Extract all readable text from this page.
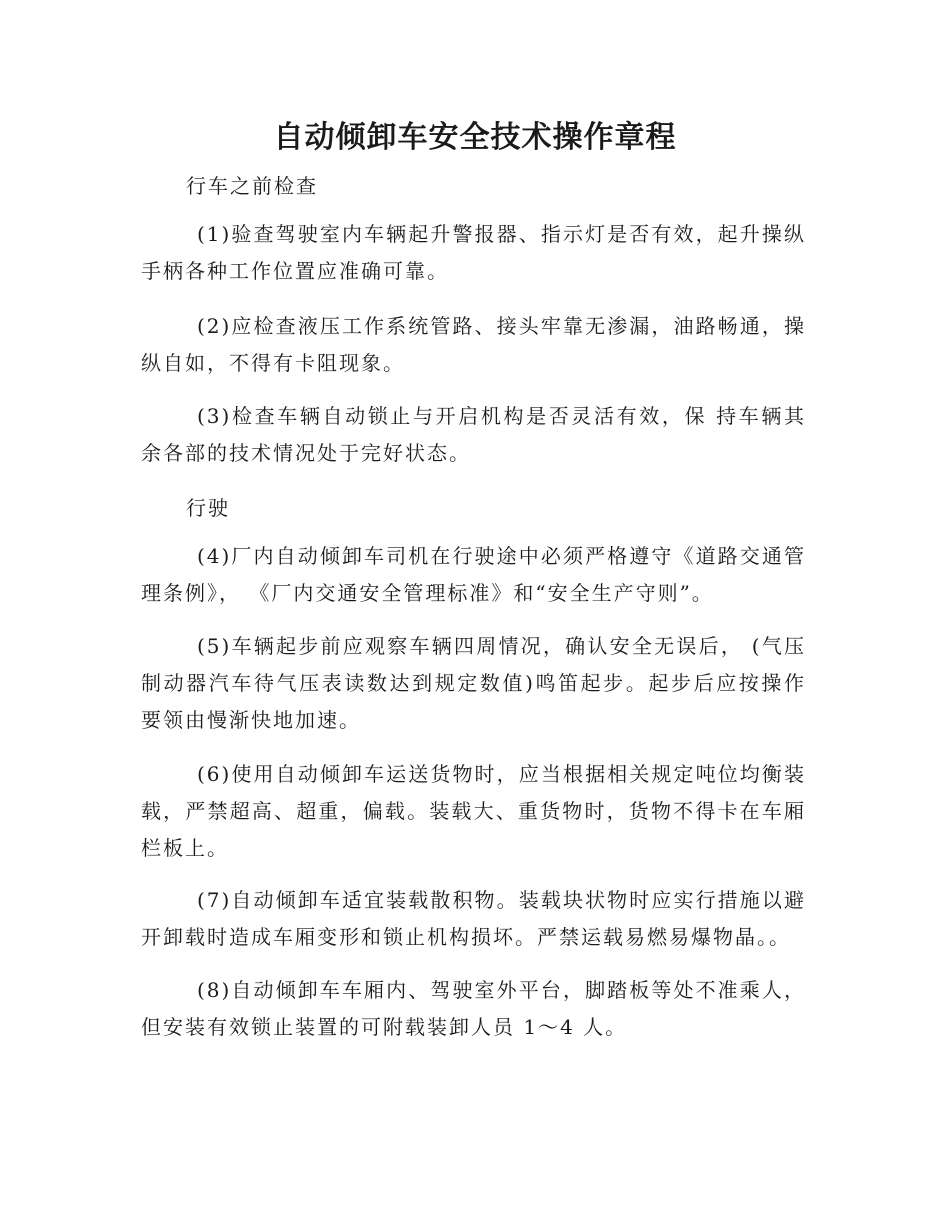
自动倾卸车安全技术操作章程
行车之前检查
(1)验查驾驶室内车辆起升警报器、指示灯是否有效，起升操纵手柄各种工作位置应准确可靠。
(2)应检查液压工作系统管路、接头牢靠无渗漏，油路畅通，操纵自如，不得有卡阻现象。
(3)检查车辆自动锁止与开启机构是否灵活有效，保 持车辆其余各部的技术情况处于完好状态。
行驶
(4)厂内自动倾卸车司机在行驶途中必须严格遵守《道路交通管理条例》， 《厂内交通安全管理标准》和“安全生产守则”。
(5)车辆起步前应观察车辆四周情况，确认安全无误后， (气压制动器汽车待气压表读数达到规定数值)鸣笛起步。起步后应按操作要领由慢渐快地加速。
(6)使用自动倾卸车运送货物时，应当根据相关规定吨位均衡装载，严禁超高、超重，偏载。装载大、重货物时，货物不得卡在车厢栏板上。
(7)自动倾卸车适宜装载散积物。装载块状物时应实行措施以避开卸载时造成车厢变形和锁止机构损坏。严禁运载易燃易爆物晶。。
(8)自动倾卸车车厢内、驾驶室外平台，脚踏板等处不准乘人，但安装有效锁止装置的可附载装卸人员 1～4 人。
